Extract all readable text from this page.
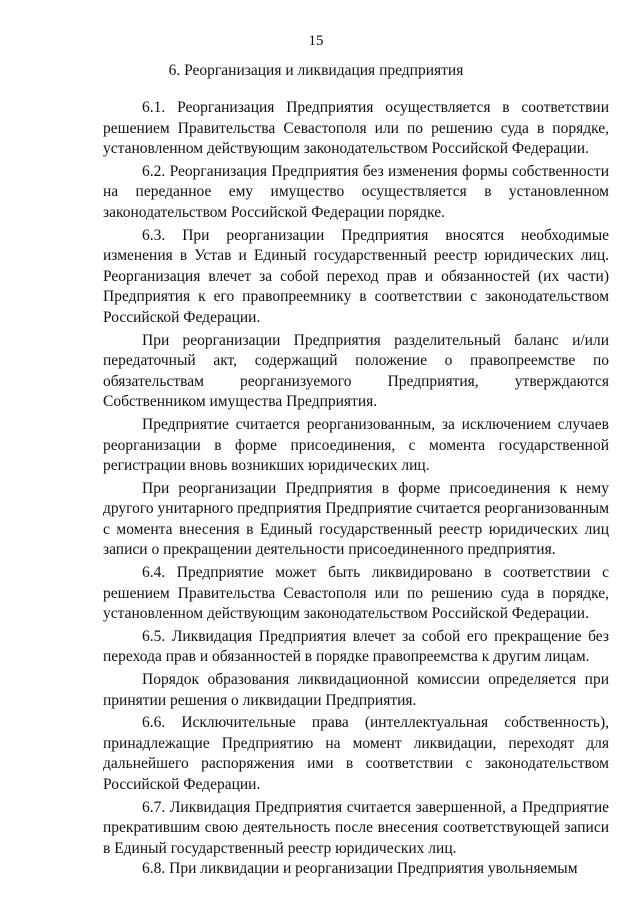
15
6. Реорганизация и ликвидация предприятия

6.1. Реорганизация Предприятия осуществляется в соответствии решением Правительства Севастополя или по решению суда в порядке, установленном действующим законодательством Российской Федерации.

6.2. Реорганизация Предприятия без изменения формы собственности на переданное ему имущество осуществляется в установленном законодательством Российской Федерации порядке.

6.3. При реорганизации Предприятия вносятся необходимые изменения в Устав и Единый государственный реестр юридических лиц. Реорганизация влечет за собой переход прав и обязанностей (их части) Предприятия к его правопреемнику в соответствии с законодательством Российской Федерации.

При реорганизации Предприятия разделительный баланс и/или передаточный акт, содержащий положение о правопреемстве по обязательствам реорганизуемого Предприятия, утверждаются Собственником имущества Предприятия.

Предприятие считается реорганизованным, за исключением случаев реорганизации в форме присоединения, с момента государственной регистрации вновь возникших юридических лиц.

При реорганизации Предприятия в форме присоединения к нему другого унитарного предприятия Предприятие считается реорганизованным с момента внесения в Единый государственный реестр юридических лиц записи о прекращении деятельности присоединенного предприятия.

6.4. Предприятие может быть ликвидировано в соответствии с решением Правительства Севастополя или по решению суда в порядке, установленном действующим законодательством Российской Федерации.

6.5. Ликвидация Предприятия влечет за собой его прекращение без перехода прав и обязанностей в порядке правопреемства к другим лицам.

Порядок образования ликвидационной комиссии определяется при принятии решения о ликвидации Предприятия.

6.6. Исключительные права (интеллектуальная собственность), принадлежащие Предприятию на момент ликвидации, переходят для дальнейшего распоряжения ими в соответствии с законодательством Российской Федерации.

6.7. Ликвидация Предприятия считается завершенной, а Предприятие прекратившим свою деятельность после внесения соответствующей записи в Единый государственный реестр юридических лиц.

6.8. При ликвидации и реорганизации Предприятия увольняемым
